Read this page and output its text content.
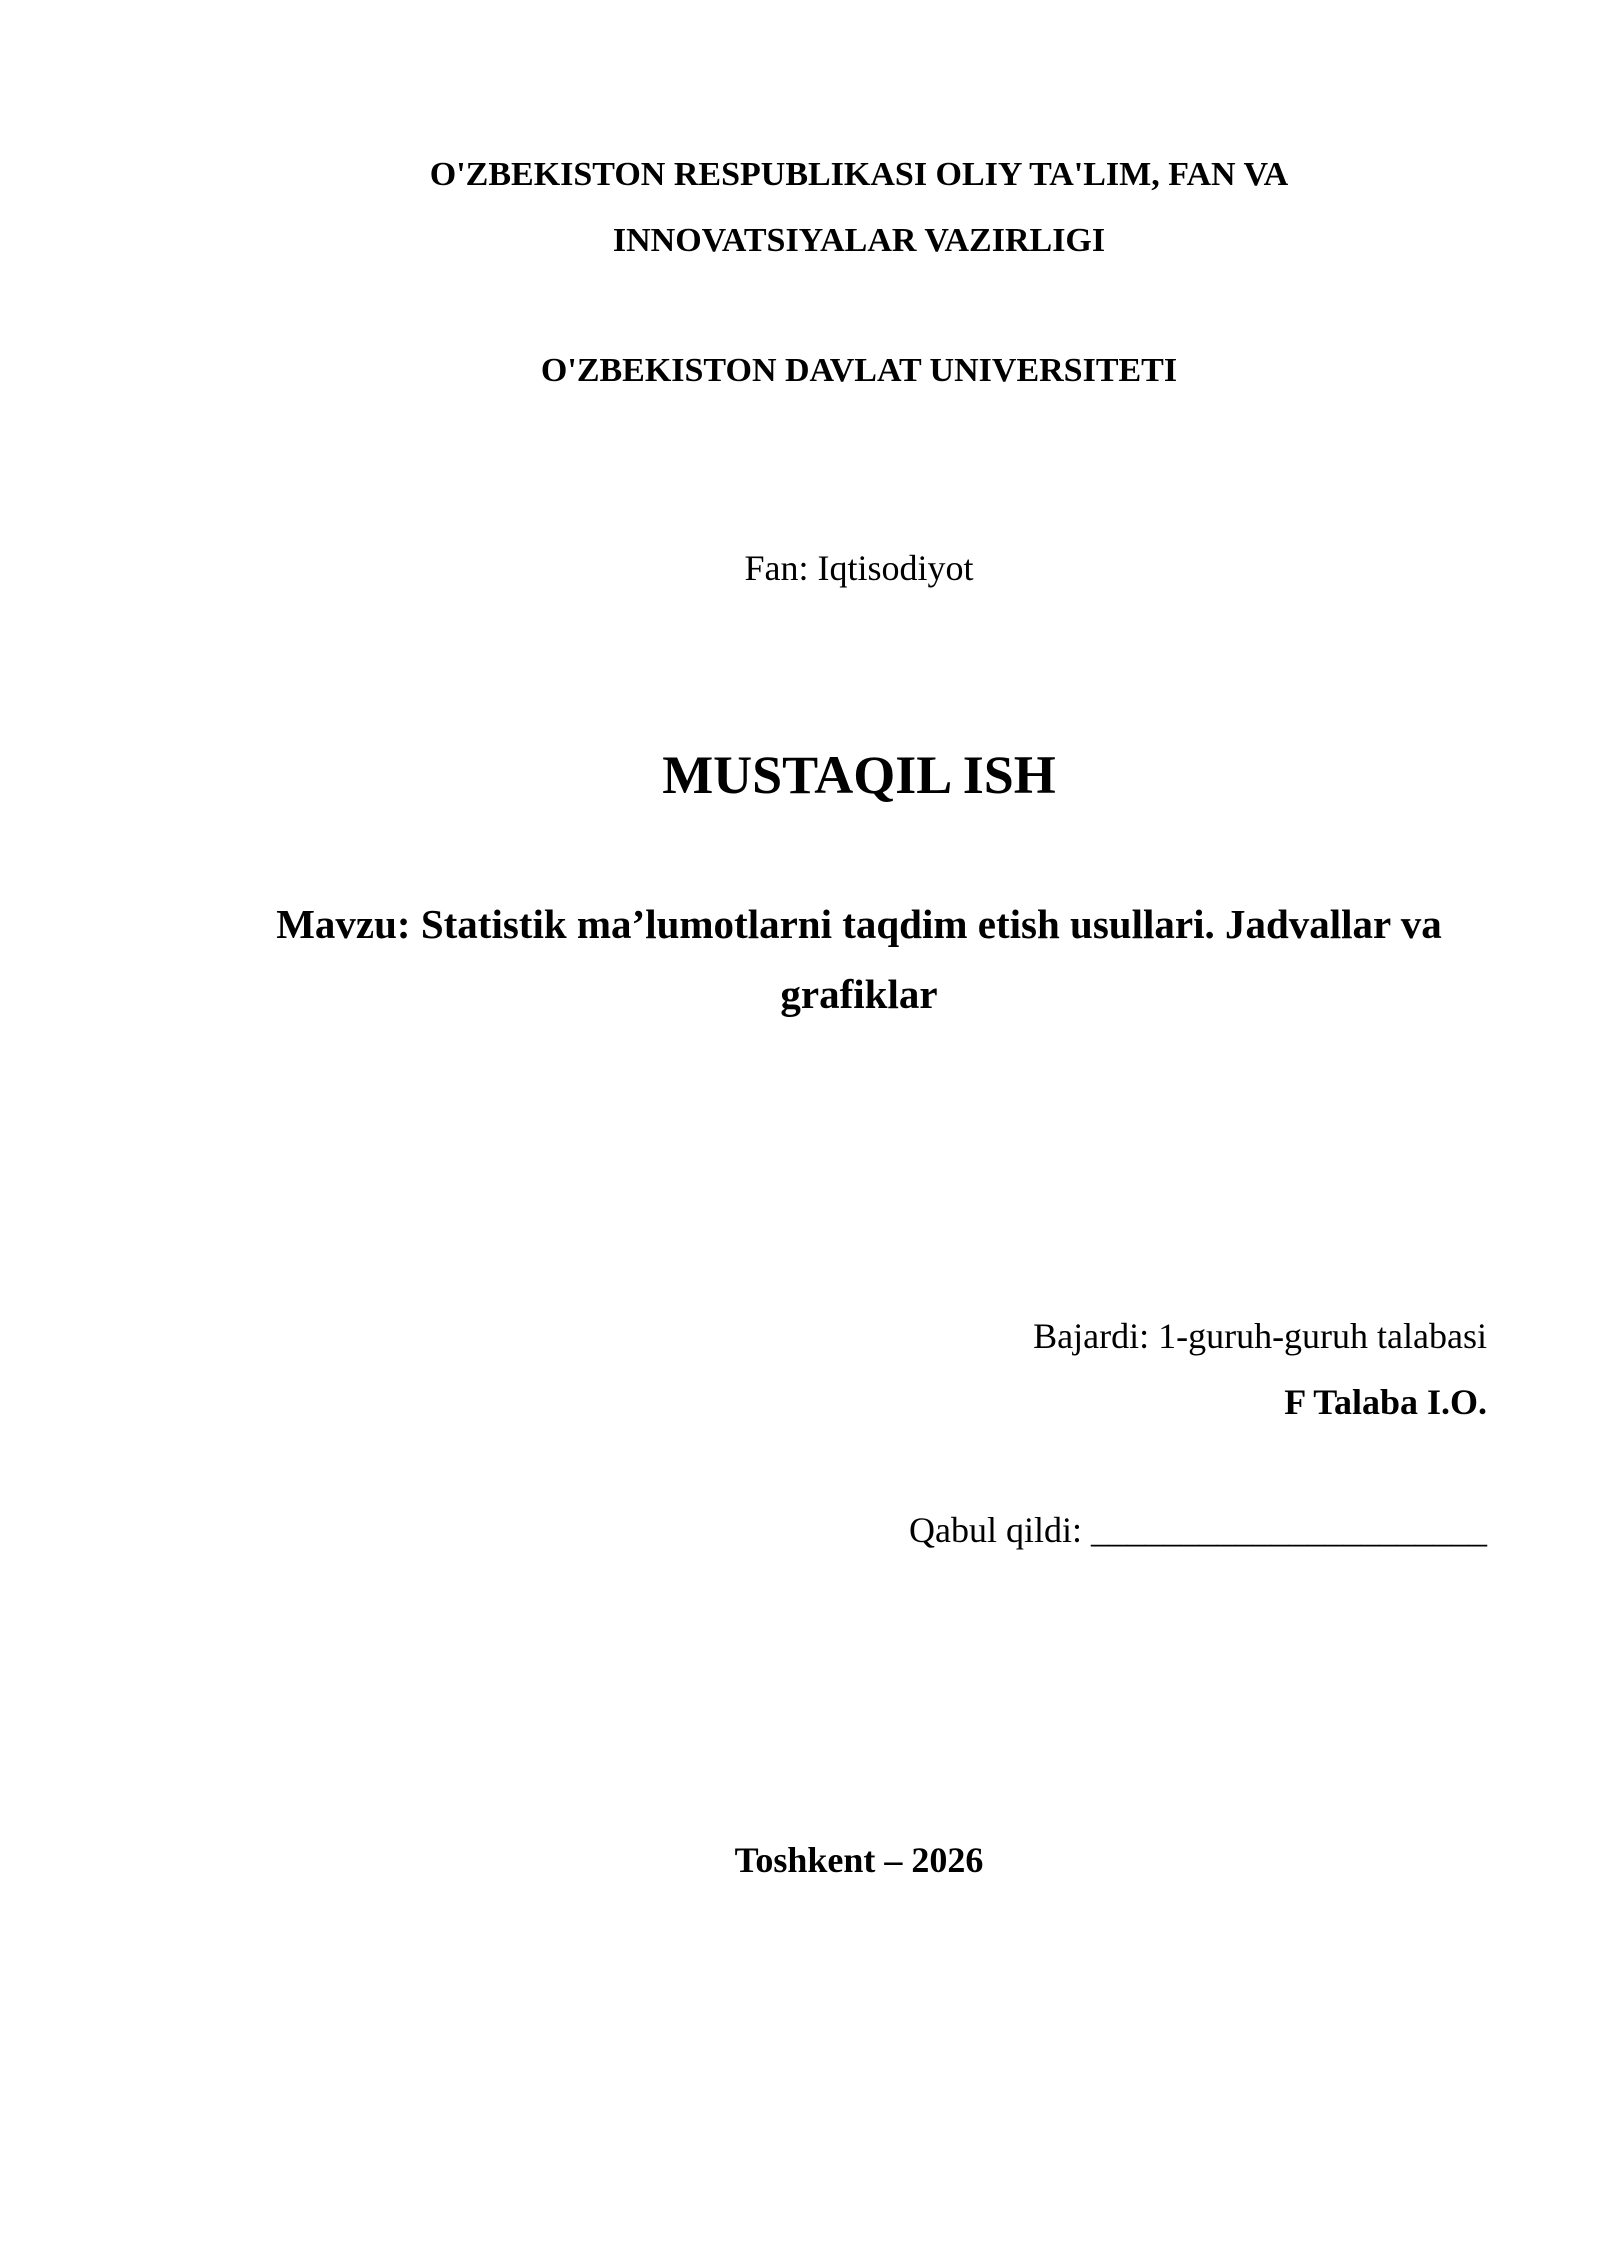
O'ZBEKISTON RESPUBLIKASI OLIY TA'LIM, FAN VA
INNOVATSIYALAR VAZIRLIGI
O'ZBEKISTON DAVLAT UNIVERSITETI
Fan: Iqtisodiyot
MUSTAQIL ISH
Mavzu: Statistik ma’lumotlarni taqdim etish usullari. Jadvallar va
grafiklar
Bajardi: 1-guruh-guruh talabasi
F Talaba I.O.
Qabul qildi: ______________________
Toshkent – 2026
